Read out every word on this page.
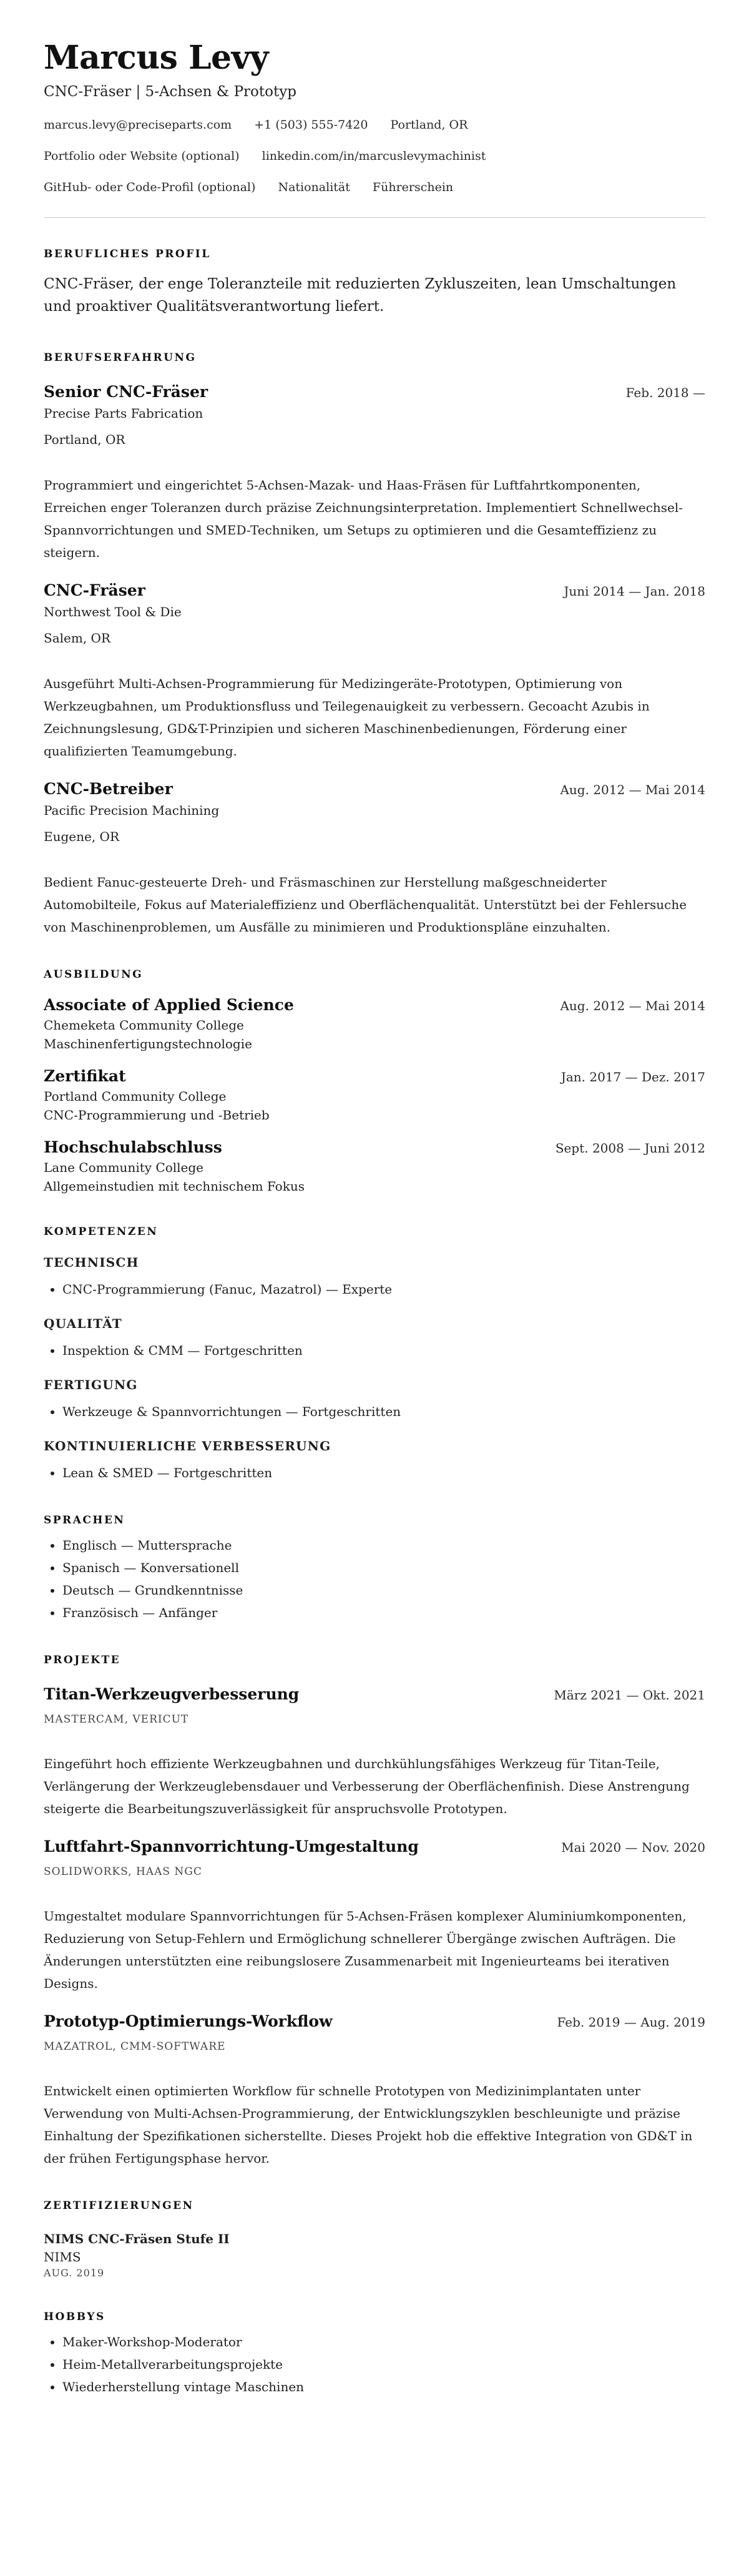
Marcus Levy
CNC-Fräser | 5-Achsen & Prototyp
marcus.levy@preciseparts.com +1 (503) 555-7420 Portland, OR
Portfolio oder Website (optional) linkedin.com/in/marcuslevymachinist
GitHub- oder Code-Profil (optional) Nationalität Führerschein
BERUFLICHES PROFIL
CNC-Fräser, der enge Toleranzteile mit reduzierten Zykluszeiten, lean Umschaltungen und proaktiver Qualitätsverantwortung liefert.
BERUFSERFAHRUNG
Senior CNC-Fräser	Feb. 2018 —
Precise Parts Fabrication
Portland, OR
Programmiert und eingerichtet 5-Achsen-Mazak- und Haas-Fräsen für Luftfahrtkomponenten, Erreichen enger Toleranzen durch präzise Zeichnungsinterpretation. Implementiert Schnellwechsel-Spannvorrichtungen und SMED-Techniken, um Setups zu optimieren und die Gesamteffizienz zu steigern.
CNC-Fräser	Juni 2014 — Jan. 2018
Northwest Tool & Die
Salem, OR
Ausgeführt Multi-Achsen-Programmierung für Medizingeräte-Prototypen, Optimierung von Werkzeugbahnen, um Produktionsfluss und Teilegenauigkeit zu verbessern. Gecoacht Azubis in Zeichnungslesung, GD&T-Prinzipien und sicheren Maschinenbedienungen, Förderung einer qualifizierten Teamumgebung.
CNC-Betreiber	Aug. 2012 — Mai 2014
Pacific Precision Machining
Eugene, OR
Bedient Fanuc-gesteuerte Dreh- und Fräsmaschinen zur Herstellung maßgeschneiderter Automobilteile, Fokus auf Materialeffizienz und Oberflächenqualität. Unterstützt bei der Fehlersuche von Maschinenproblemen, um Ausfälle zu minimieren und Produktionspläne einzuhalten.
AUSBILDUNG
Associate of Applied Science	Aug. 2012 — Mai 2014
Chemeketa Community College
Maschinenfertigungstechnologie
Zertifikat	Jan. 2017 — Dez. 2017
Portland Community College
CNC-Programmierung und -Betrieb
Hochschulabschluss	Sept. 2008 — Juni 2012
Lane Community College
Allgemeinstudien mit technischem Fokus
KOMPETENZEN
TECHNISCH
• CNC-Programmierung (Fanuc, Mazatrol) — Experte
QUALITÄT
• Inspektion & CMM — Fortgeschritten
FERTIGUNG
• Werkzeuge & Spannvorrichtungen — Fortgeschritten
KONTINUIERLICHE VERBESSERUNG
• Lean & SMED — Fortgeschritten
SPRACHEN
• Englisch — Muttersprache
• Spanisch — Konversationell
• Deutsch — Grundkenntnisse
• Französisch — Anfänger
PROJEKTE
Titan-Werkzeugverbesserung	März 2021 — Okt. 2021
MASTERCAM, VERICUT
Eingeführt hoch effiziente Werkzeugbahnen und durchkühlungsfähiges Werkzeug für Titan-Teile, Verlängerung der Werkzeuglebensdauer und Verbesserung der Oberflächenfinish. Diese Anstrengung steigerte die Bearbeitungszuverlässigkeit für anspruchsvolle Prototypen.
Luftfahrt-Spannvorrichtung-Umgestaltung	Mai 2020 — Nov. 2020
SOLIDWORKS, HAAS NGC
Umgestaltet modulare Spannvorrichtungen für 5-Achsen-Fräsen komplexer Aluminiumkomponenten, Reduzierung von Setup-Fehlern und Ermöglichung schnellerer Übergänge zwischen Aufträgen. Die Änderungen unterstützten eine reibungslosere Zusammenarbeit mit Ingenieurteams bei iterativen Designs.
Prototyp-Optimierungs-Workflow	Feb. 2019 — Aug. 2019
MAZATROL, CMM-SOFTWARE
Entwickelt einen optimierten Workflow für schnelle Prototypen von Medizinimplantaten unter Verwendung von Multi-Achsen-Programmierung, der Entwicklungszyklen beschleunigte und präzise Einhaltung der Spezifikationen sicherstellte. Dieses Projekt hob die effektive Integration von GD&T in der frühen Fertigungsphase hervor.
ZERTIFIZIERUNGEN
NIMS CNC-Fräsen Stufe II
NIMS
AUG. 2019
HOBBYS
• Maker-Workshop-Moderator
• Heim-Metallverarbeitungsprojekte
• Wiederherstellung vintage Maschinen
